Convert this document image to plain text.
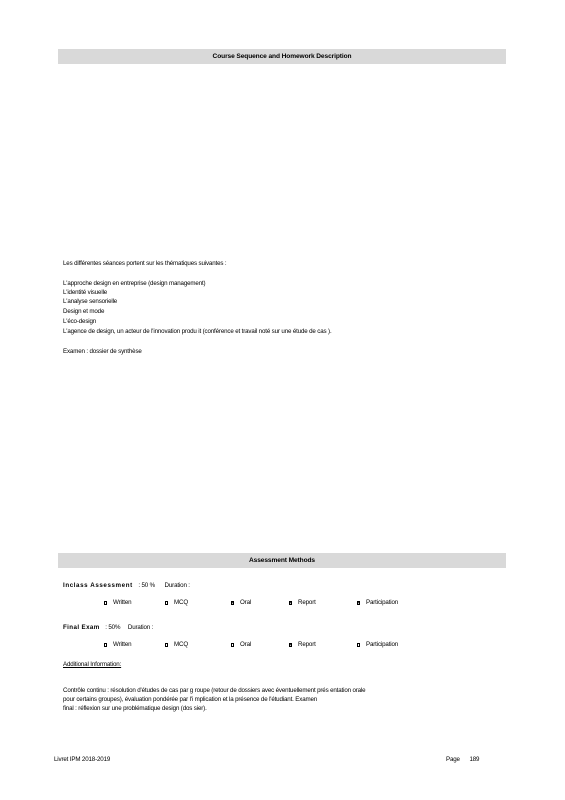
Course Sequence and Homework Description
Les différentes séances portent sur les thématiques suivantes :
L'approche design en entreprise (design management)
L'identité visuelle
L'analyse sensorielle
Design et mode
L'éco-design
L'agence de design, un acteur de l'innovation produ it (conférence et travail noté sur une étude de cas ).
Examen : dossier de synthèse
Assessment Methods
Inclass Assessment : 50 % Duration :
Written	MCQ	Oral	Report	Participation
Final Exam : 50% Duration :
Written	MCQ	Oral	Report	Participation
Additional Information:
Contrôle continu : résolution d'études de cas par g roupe (retour de dossiers avec éventuellement prés entation orale
pour certains groupes), évaluation pondérée par l'i mplication et la présence de l'étudiant. Examen
final : réflexion sur une problématique design (dos sier).
Livret IPM 2018-2019	Page 189
